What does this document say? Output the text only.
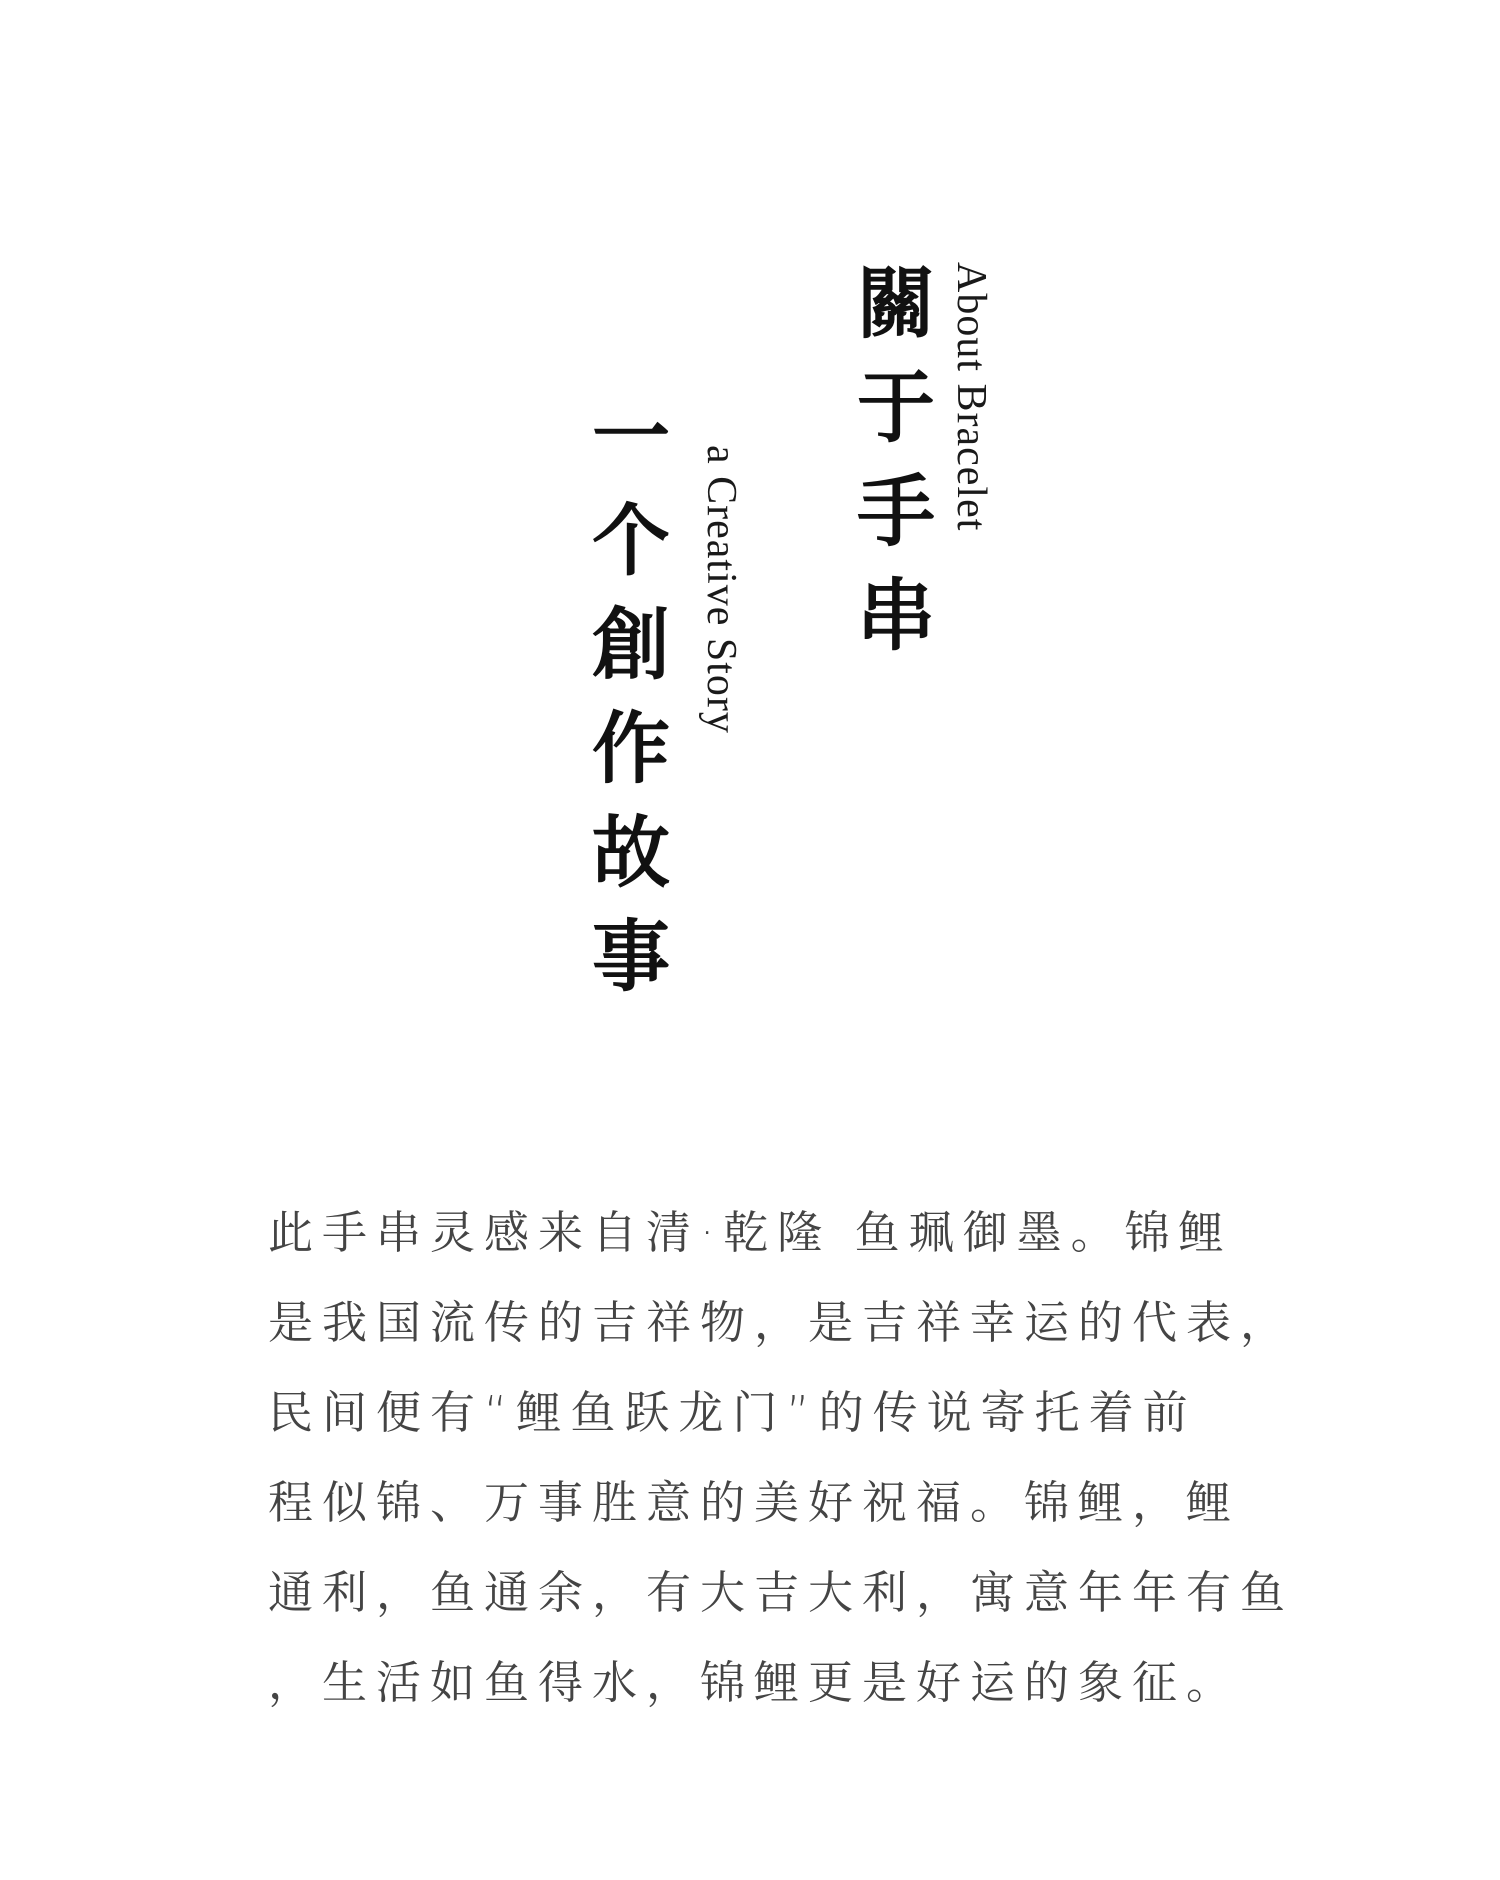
About Bracelet
關于手串
a Creative Story
一个創作故事

此手串灵感来自清·乾隆 鱼珮御墨。锦鲤
是我国流传的吉祥物，是吉祥幸运的代表，
民间便有“鲤鱼跃龙门”的传说寄托着前
程似锦、万事胜意的美好祝福。锦鲤，鲤
通利，鱼通余，有大吉大利，寓意年年有鱼
，生活如鱼得水，锦鲤更是好运的象征。
